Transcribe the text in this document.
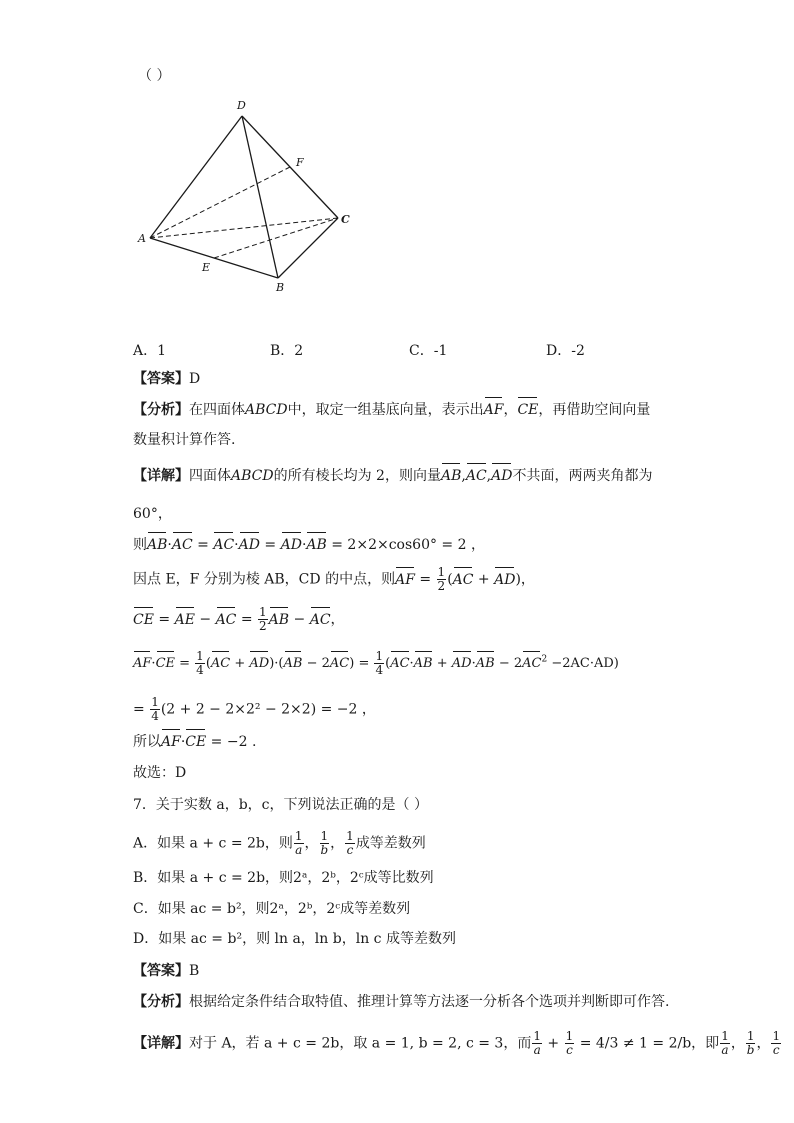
（ ）
D
F
C
A
E
B
A．1	B．2	C．-1	D．-2
【答案】D
【分析】在四面体ABCD中，取定一组基底向量，表示出AF，CE，再借助空间向量
数量积计算作答.
【详解】四面体ABCD的所有棱长均为 2，则向量AB,AC,AD不共面，两两夹角都为
60°，
则AB·AC = AC·AD = AD·AB = 2×2×cos60° = 2 ，
因点 E，F 分别为棱 AB，CD 的中点，则AF = $\frac{1}{2} (AC + AD)$，
CE = AE − AC = $\frac{1}{2}$ AB − AC，
$AF\cdot CE = \frac{1}{4} (AC + AD)\cdot(AB - 2AC) = \frac{1}{4} (AC\cdot AB + AD\cdot AB - 2AC^2 -2AC\cdot AD)$
= $\frac{1}{4} (2 + 2 - 2\times 2^2 - 2\times 2) = -2$ ，
所以AF·CE = −2 .
故选：D
7．关于实数 a，b，c，下列说法正确的是（ ）
A．如果 a + c = 2b，则 $\frac{1}{a}$ ， $\frac{1}{b}$ ， $\frac{1}{c}$ 成等差数列
B．如果 a + c = 2b，则2ᵃ，2ᵇ，2ᶜ成等比数列
C．如果 ac = b²，则2ᵃ，2ᵇ，2ᶜ成等差数列
D．如果 ac = b²，则 ln a，ln b，ln c 成等差数列
【答案】B
【分析】根据给定条件结合取特值、推理计算等方法逐一分析各个选项并判断即可作答.
【详解】对于 A，若 a + c = 2b，取 a = 1, b = 2, c = 3，而 $\frac{1}{a} + \frac{1}{c} = 4/3 \ne 1 = 2/b$，即 $\frac{1}{a}$ ， $\frac{1}{b}$ ， $\frac{1}{c}$
